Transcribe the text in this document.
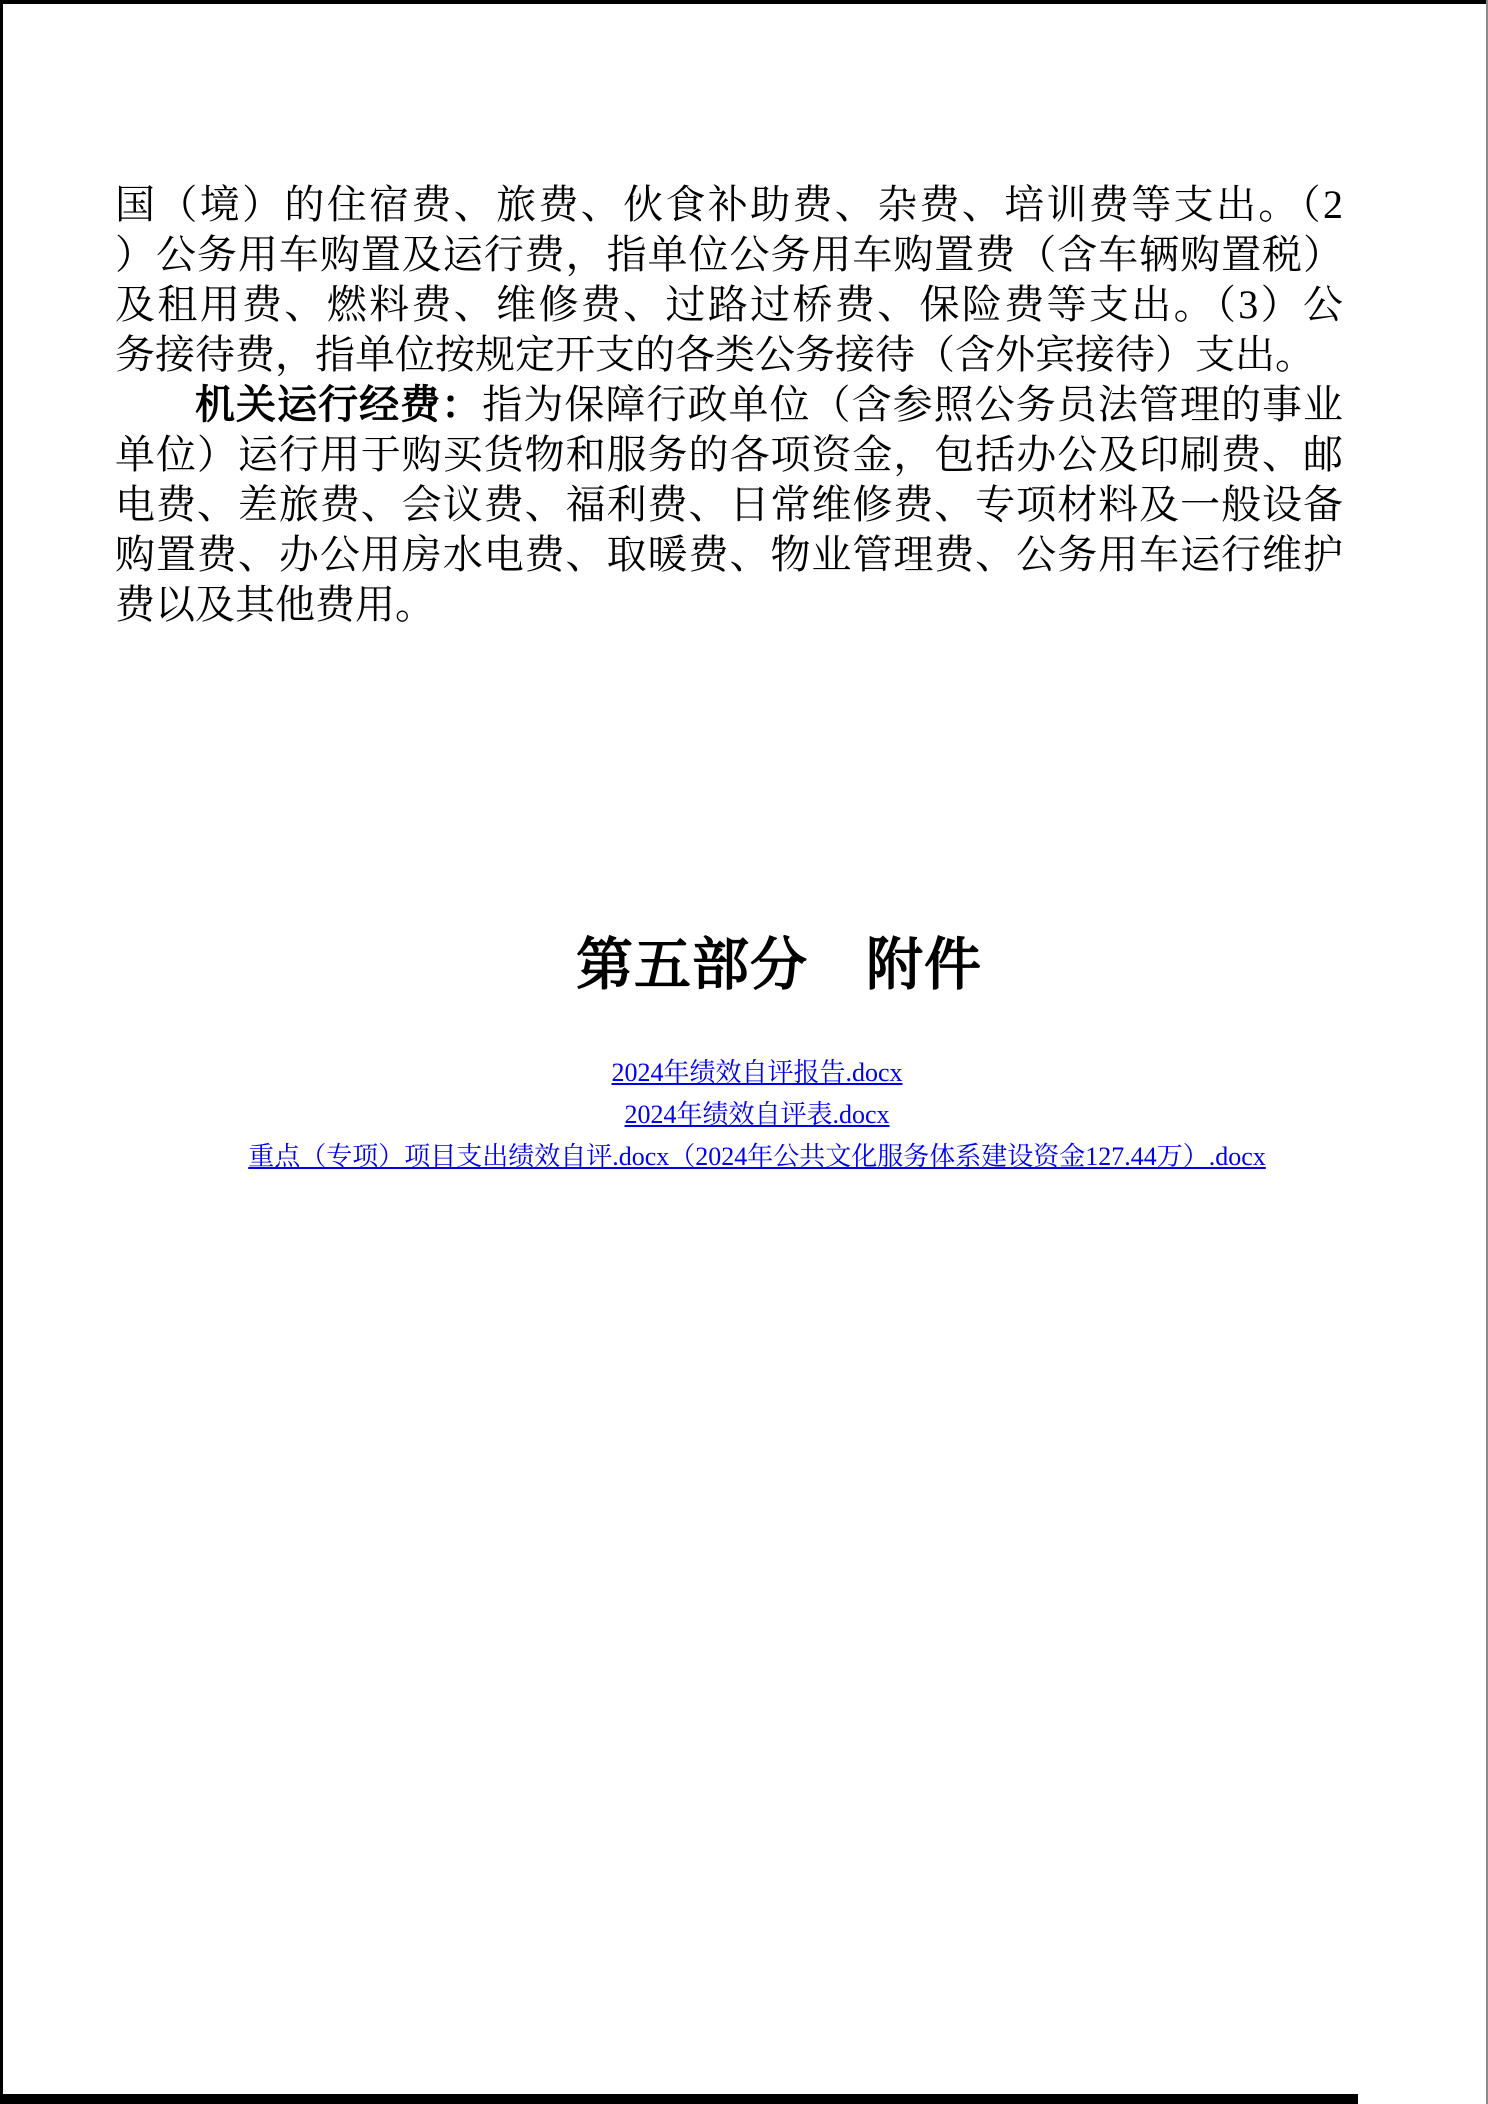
国（境）的住宿费、旅费、伙食补助费、杂费、培训费等支出。（2
）公务用车购置及运行费，指单位公务用车购置费（含车辆购置税）
及租用费、燃料费、维修费、过路过桥费、保险费等支出。（3）公
务接待费，指单位按规定开支的各类公务接待（含外宾接待）支出。
机关运行经费：指为保障行政单位（含参照公务员法管理的事业
单位）运行用于购买货物和服务的各项资金，包括办公及印刷费、邮
电费、差旅费、会议费、福利费、日常维修费、专项材料及一般设备
购置费、办公用房水电费、取暖费、物业管理费、公务用车运行维护
费以及其他费用。
第五部分　附件
2024年绩效自评报告.docx
2024年绩效自评表.docx
重点（专项）项目支出绩效自评.docx（2024年公共文化服务体系建设资金127.44万）.docx
